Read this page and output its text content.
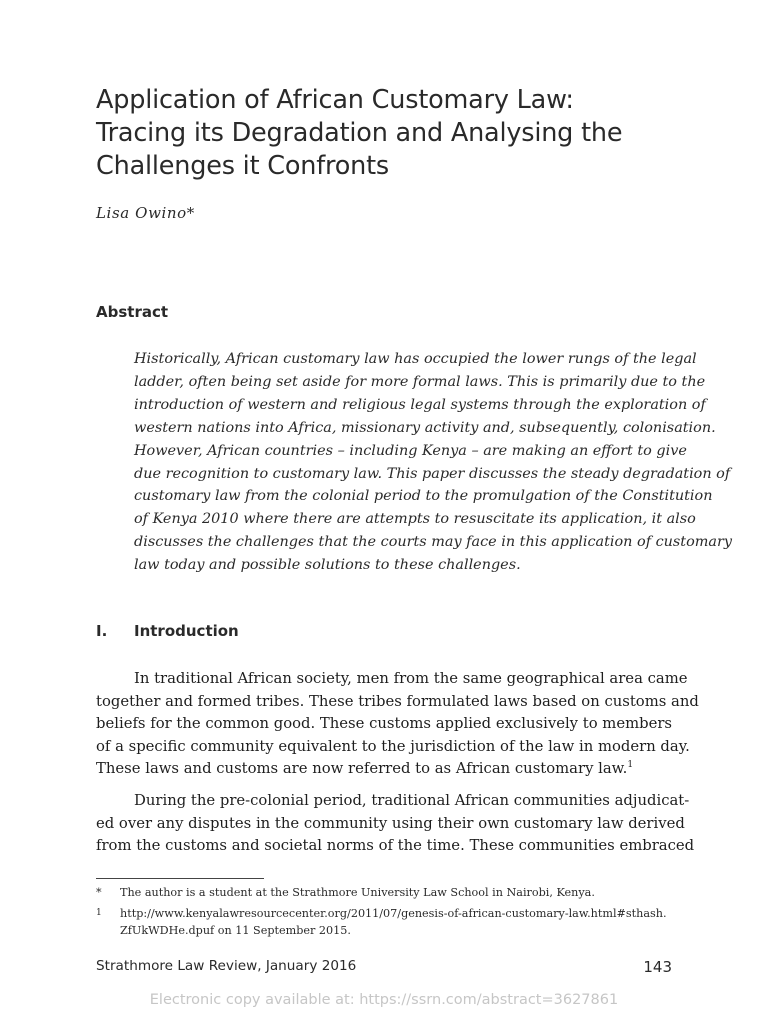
Application of African Customary Law:
Tracing its Degradation and Analysing the
Challenges it Confronts
Lisa Owino*
Abstract
Historically, African customary law has occupied the lower rungs of the legal
ladder, often being set aside for more formal laws. This is primarily due to the
introduction of western and religious legal systems through the exploration of
western nations into Africa, missionary activity and, subsequently, colonisation.
However, African countries – including Kenya – are making an effort to give
due recognition to customary law. This paper discusses the steady degradation of
customary law from the colonial period to the promulgation of the Constitution
of Kenya 2010 where there are attempts to resuscitate its application, it also
discusses the challenges that the courts may face in this application of customary
law today and possible solutions to these challenges.
I. Introduction
In traditional African society, men from the same geographical area came
together and formed tribes. These tribes formulated laws based on customs and
beliefs for the common good. These customs applied exclusively to members
of a specific community equivalent to the jurisdiction of the law in modern day.
These laws and customs are now referred to as African customary law.$^1$
During the pre-colonial period, traditional African communities adjudicat-
ed over any disputes in the community using their own customary law derived
from the customs and societal norms of the time. These communities embraced
*	The author is a student at the Strathmore University Law School in Nairobi, Kenya.
1	http://www.kenyalawresourcecenter.org/2011/07/genesis-of-african-customary-law.html#sthash.
ZfUkWDHe.dpuf on 11 September 2015.
Strathmore Law Review, January 2016	143
Electronic copy available at: https://ssrn.com/abstract=3627861
